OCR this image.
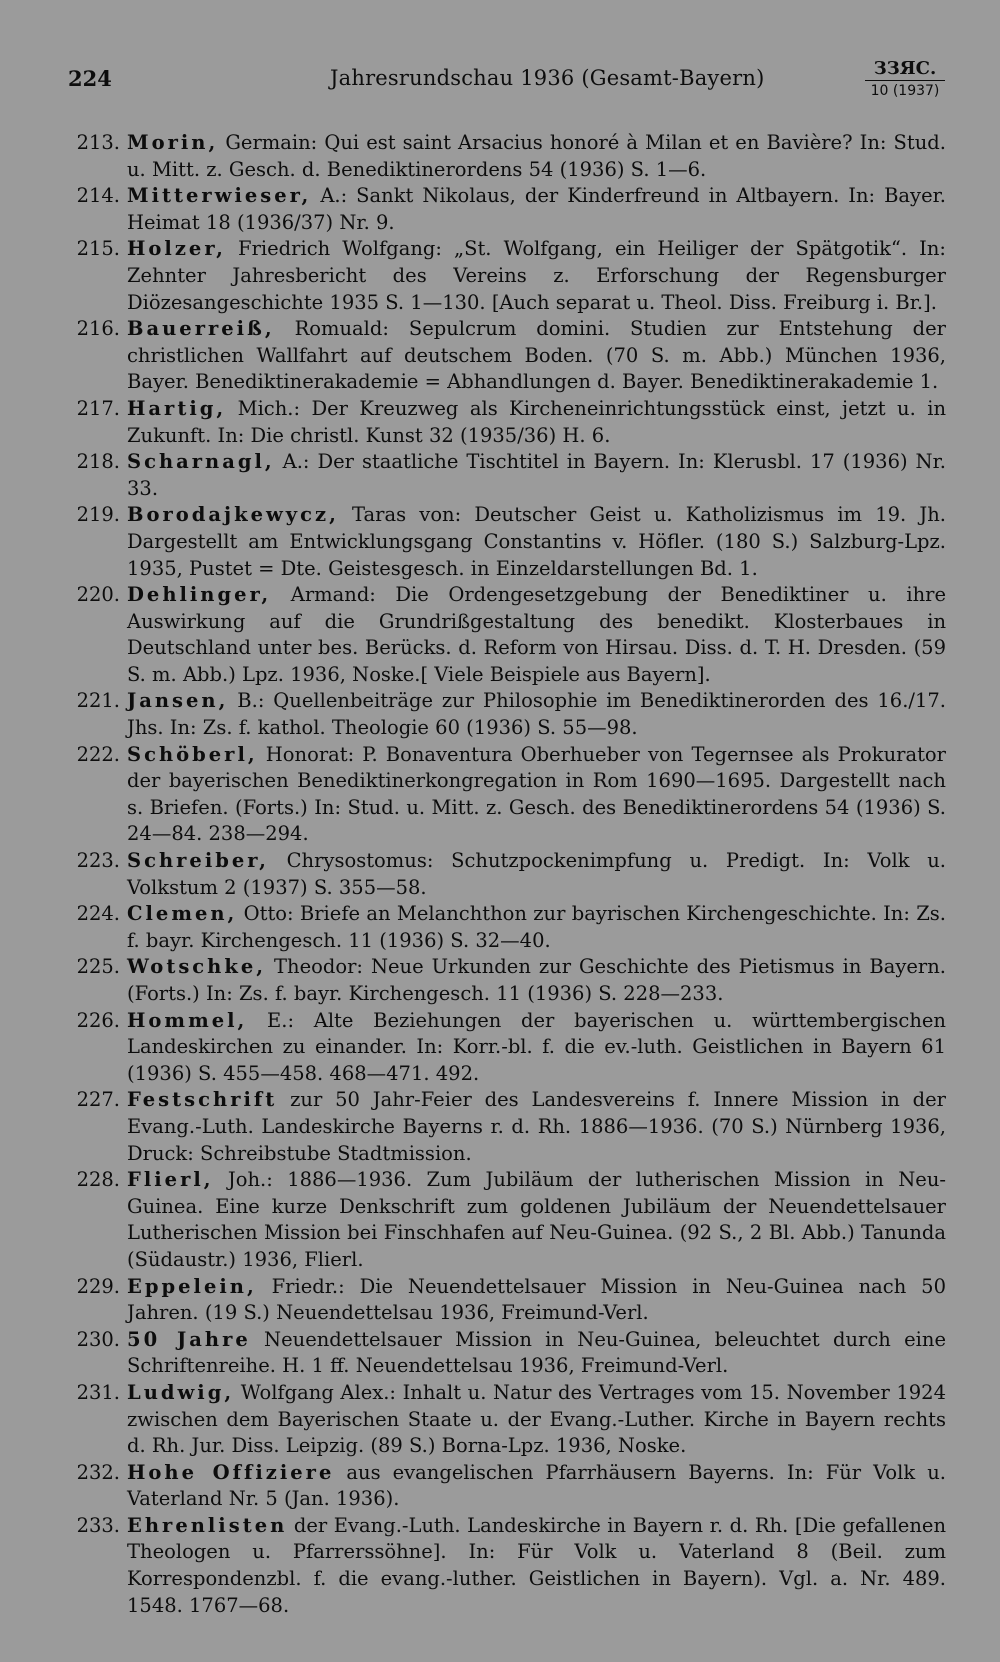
224	Jahresrundschau 1936 (Gesamt-Bayern)	ЗЗЯС.
10 (1937)
213. Morin, Germain: Qui est saint Arsacius honoré à Milan et en Bavière? In: Stud. u. Mitt. z. Gesch. d. Benediktinerordens 54 (1936) S. 1—6.
214. Mitterwieser, A.: Sankt Nikolaus, der Kinderfreund in Altbayern. In: Bayer. Heimat 18 (1936/37) Nr. 9.
215. Holzer, Friedrich Wolfgang: „St. Wolfgang, ein Heiliger der Spätgotik“. In: Zehnter Jahresbericht des Vereins z. Erforschung der Regensburger Diözesangeschichte 1935 S. 1—130. [Auch separat u. Theol. Diss. Freiburg i. Br.].
216. Bauerreiß, Romuald: Sepulcrum domini. Studien zur Entstehung der christlichen Wallfahrt auf deutschem Boden. (70 S. m. Abb.) München 1936, Bayer. Benediktinerakademie = Abhandlungen d. Bayer. Benediktinerakademie 1.
217. Hartig, Mich.: Der Kreuzweg als Kircheneinrichtungsstück einst, jetzt u. in Zukunft. In: Die christl. Kunst 32 (1935/36) H. 6.
218. Scharnagl, A.: Der staatliche Tischtitel in Bayern. In: Klerusbl. 17 (1936) Nr. 33.
219. Borodajkewycz, Taras von: Deutscher Geist u. Katholizismus im 19. Jh. Dargestellt am Entwicklungsgang Constantins v. Höfler. (180 S.) Salzburg-Lpz. 1935, Pustet = Dte. Geistesgesch. in Einzeldarstellungen Bd. 1.
220. Dehlinger, Armand: Die Ordengesetzgebung der Benediktiner u. ihre Auswirkung auf die Grundrißgestaltung des benedikt. Klosterbaues in Deutschland unter bes. Berücks. d. Reform von Hirsau. Diss. d. T. H. Dresden. (59 S. m. Abb.) Lpz. 1936, Noske.[ Viele Beispiele aus Bayern].
221. Jansen, B.: Quellenbeiträge zur Philosophie im Benediktinerorden des 16./17. Jhs. In: Zs. f. kathol. Theologie 60 (1936) S. 55—98.
222. Schöberl, Honorat: P. Bonaventura Oberhueber von Tegernsee als Prokurator der bayerischen Benediktinerkongregation in Rom 1690—1695. Dargestellt nach s. Briefen. (Forts.) In: Stud. u. Mitt. z. Gesch. des Benediktinerordens 54 (1936) S. 24—84. 238—294.
223. Schreiber, Chrysostomus: Schutzpockenimpfung u. Predigt. In: Volk u. Volkstum 2 (1937) S. 355—58.
224. Clemen, Otto: Briefe an Melanchthon zur bayrischen Kirchengeschichte. In: Zs. f. bayr. Kirchengesch. 11 (1936) S. 32—40.
225. Wotschke, Theodor: Neue Urkunden zur Geschichte des Pietismus in Bayern. (Forts.) In: Zs. f. bayr. Kirchengesch. 11 (1936) S. 228—233.
226. Hommel, E.: Alte Beziehungen der bayerischen u. württembergischen Landeskirchen zu einander. In: Korr.-bl. f. die ev.-luth. Geistlichen in Bayern 61 (1936) S. 455—458. 468—471. 492.
227. Festschrift zur 50 Jahr-Feier des Landesvereins f. Innere Mission in der Evang.-Luth. Landeskirche Bayerns r. d. Rh. 1886—1936. (70 S.) Nürnberg 1936, Druck: Schreibstube Stadtmission.
228. Flierl, Joh.: 1886—1936. Zum Jubiläum der lutherischen Mission in Neu-Guinea. Eine kurze Denkschrift zum goldenen Jubiläum der Neuendettelsauer Lutherischen Mission bei Finschhafen auf Neu-Guinea. (92 S., 2 Bl. Abb.) Tanunda (Südaustr.) 1936, Flierl.
229. Eppelein, Friedr.: Die Neuendettelsauer Mission in Neu-Guinea nach 50 Jahren. (19 S.) Neuendettelsau 1936, Freimund-Verl.
230. 50 Jahre Neuendettelsauer Mission in Neu-Guinea, beleuchtet durch eine Schriftenreihe. H. 1 ff. Neuendettelsau 1936, Freimund-Verl.
231. Ludwig, Wolfgang Alex.: Inhalt u. Natur des Vertrages vom 15. November 1924 zwischen dem Bayerischen Staate u. der Evang.-Luther. Kirche in Bayern rechts d. Rh. Jur. Diss. Leipzig. (89 S.) Borna-Lpz. 1936, Noske.
232. Hohe Offiziere aus evangelischen Pfarrhäusern Bayerns. In: Für Volk u. Vaterland Nr. 5 (Jan. 1936).
233. Ehrenlisten der Evang.-Luth. Landeskirche in Bayern r. d. Rh. [Die gefallenen Theologen u. Pfarrerssöhne]. In: Für Volk u. Vaterland 8 (Beil. zum Korrespondenzbl. f. die evang.-luther. Geistlichen in Bayern). Vgl. a. Nr. 489. 1548. 1767—68.
